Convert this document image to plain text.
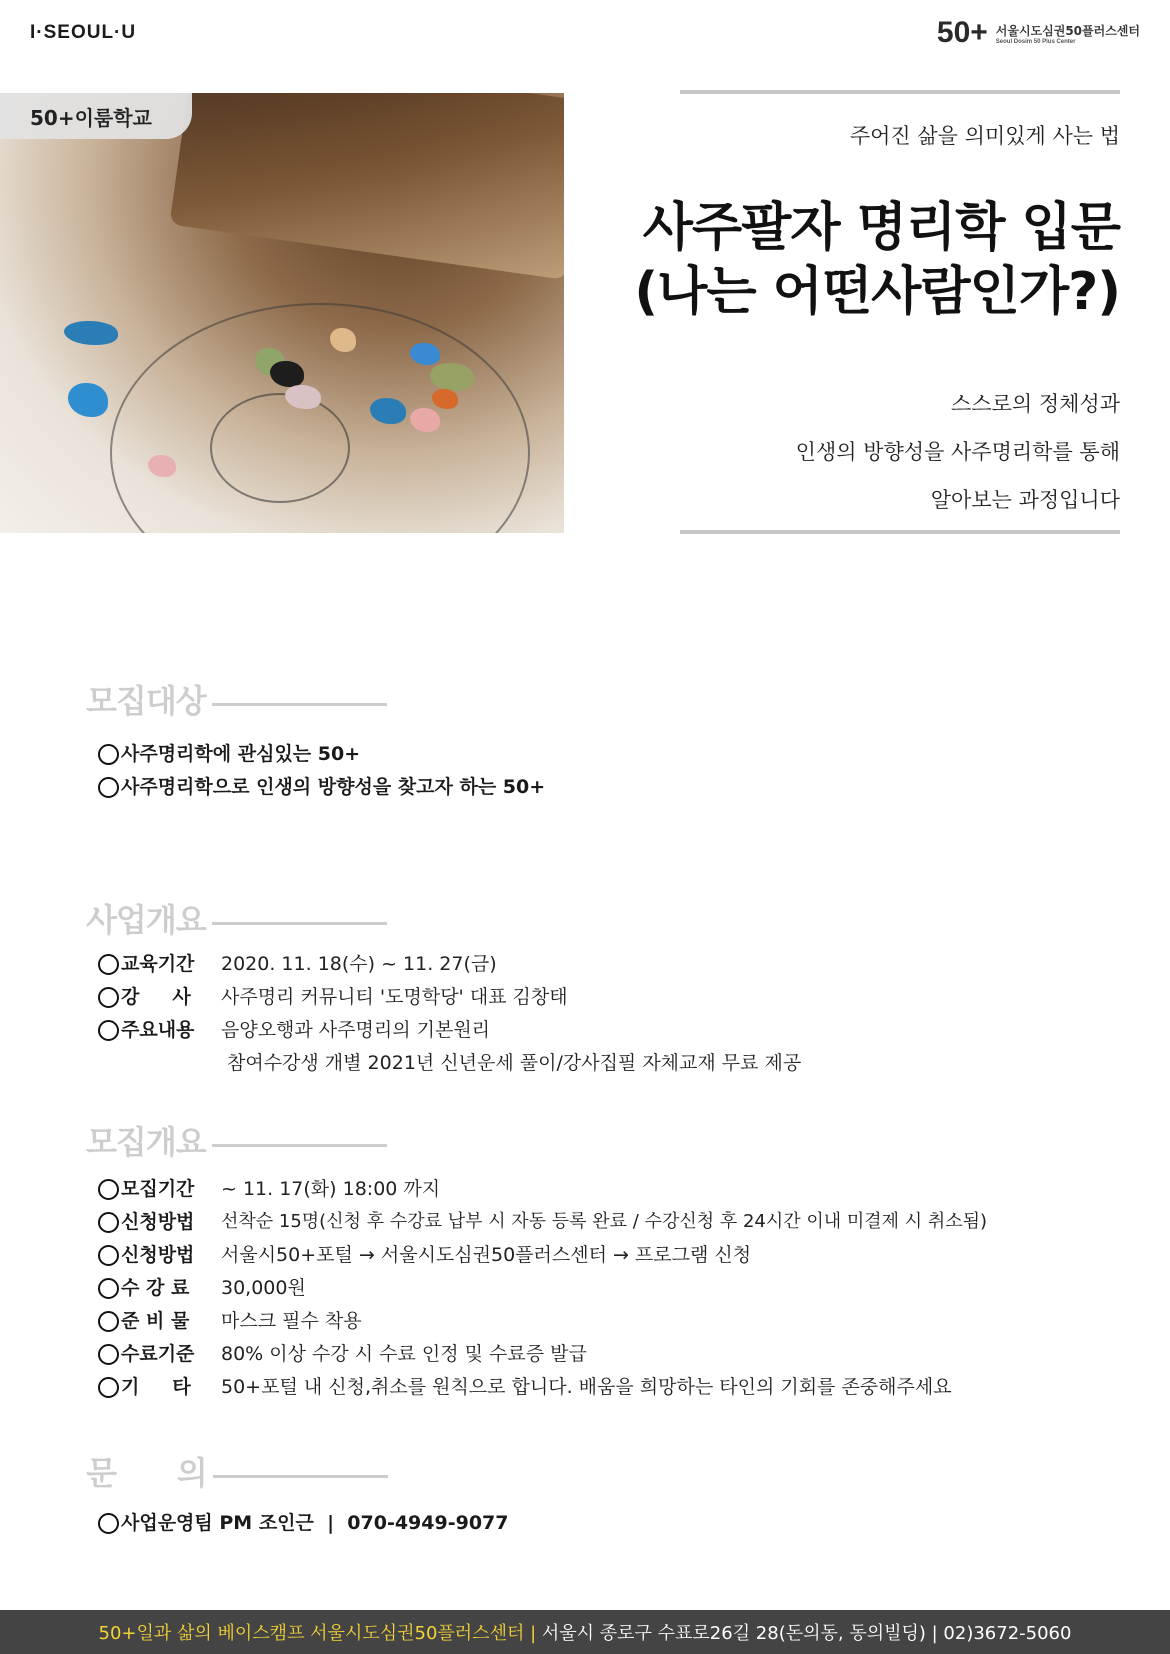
I·SEOUL·U	50+ 서울시도심권50플러스센터
Seoul Dosim 50 Plus Center
50+이룸학교
주어진 삶을 의미있게 사는 법
사주팔자 명리학 입문
(나는 어떤사람인가?)
스스로의 정체성과
인생의 방향성을 사주명리학를 통해
알아보는 과정입니다
모집대상
사주명리학에 관심있는 50+
사주명리학으로 인생의 방향성을 찾고자 하는 50+
사업개요
교육기간	2020. 11. 18(수) ~ 11. 27(금)
강     사	사주명리 커뮤니티 '도명학당' 대표 김창태
주요내용	음양오행과 사주명리의 기본원리
참여수강생 개별 2021년 신년운세 풀이/강사집필 자체교재 무료 제공
모집개요
모집기간	~ 11. 17(화) 18:00 까지
신청방법	선착순 15명(신청 후 수강료 납부 시 자동 등록 완료 / 수강신청 후 24시간 이내 미결제 시 취소됨)
신청방법	서울시50+포털 → 서울시도심권50플러스센터 → 프로그램 신청
수 강 료	30,000원
준 비 물	마스크 필수 착용
수료기준	80% 이상 수강 시 수료 인정 및 수료증 발급
기     타	50+포털 내 신청,취소를 원칙으로 합니다. 배움을 희망하는 타인의 기회를 존중해주세요
문      의
사업운영팀 PM 조인근  |  070-4949-9077
50+일과 삶의 베이스캠프 서울시도심권50플러스센터 | 서울시 종로구 수표로26길 28(돈의동, 동의빌딩) | 02)3672-5060
